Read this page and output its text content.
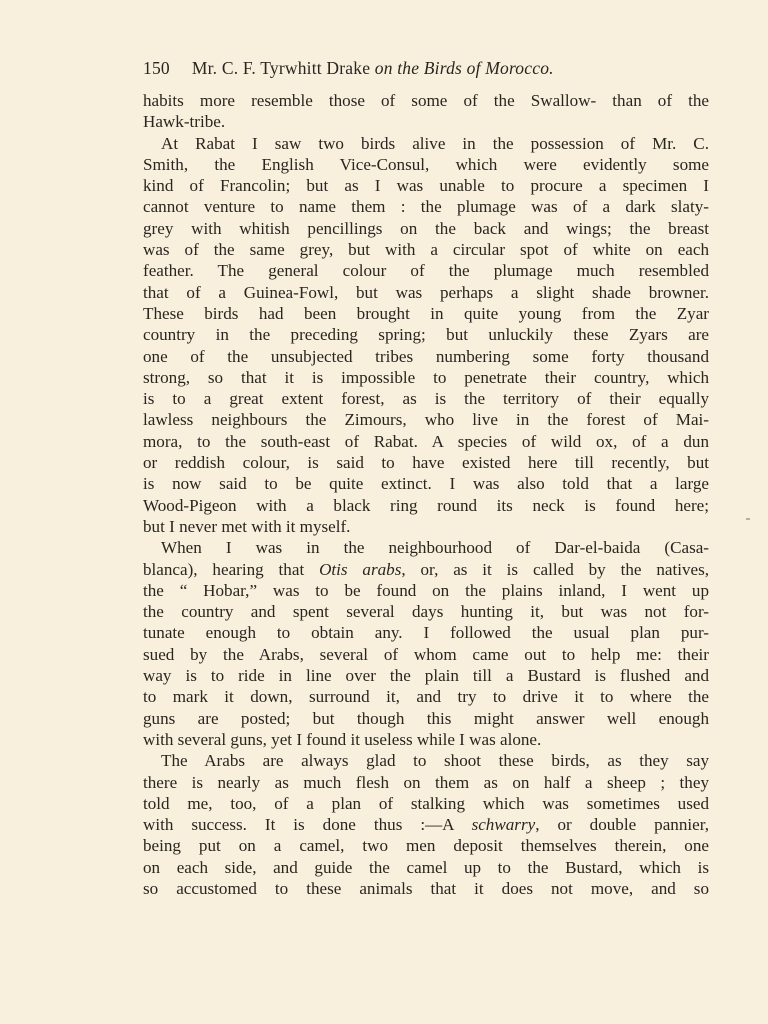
150 Mr. C. F. Tyrwhitt Drake on the Birds of Morocco.
habits more resemble those of some of the Swallow- than of the
Hawk-tribe.
At Rabat I saw two birds alive in the possession of Mr. C.
Smith, the English Vice-Consul, which were evidently some
kind of Francolin; but as I was unable to procure a specimen I
cannot venture to name them : the plumage was of a dark slaty-
grey with whitish pencillings on the back and wings; the breast
was of the same grey, but with a circular spot of white on each
feather. The general colour of the plumage much resembled
that of a Guinea-Fowl, but was perhaps a slight shade browner.
These birds had been brought in quite young from the Zyar
country in the preceding spring; but unluckily these Zyars are
one of the unsubjected tribes numbering some forty thousand
strong, so that it is impossible to penetrate their country, which
is to a great extent forest, as is the territory of their equally
lawless neighbours the Zimours, who live in the forest of Mai-
mora, to the south-east of Rabat. A species of wild ox, of a dun
or reddish colour, is said to have existed here till recently, but
is now said to be quite extinct. I was also told that a large
Wood-Pigeon with a black ring round its neck is found here;
but I never met with it myself.
When I was in the neighbourhood of Dar-el-baida (Casa-
blanca), hearing that Otis arabs, or, as it is called by the natives,
the “ Hobar,” was to be found on the plains inland, I went up
the country and spent several days hunting it, but was not for-
tunate enough to obtain any. I followed the usual plan pur-
sued by the Arabs, several of whom came out to help me: their
way is to ride in line over the plain till a Bustard is flushed and
to mark it down, surround it, and try to drive it to where the
guns are posted; but though this might answer well enough
with several guns, yet I found it useless while I was alone.
The Arabs are always glad to shoot these birds, as they say
there is nearly as much flesh on them as on half a sheep ; they
told me, too, of a plan of stalking which was sometimes used
with success. It is done thus :—A schwarry, or double pannier,
being put on a camel, two men deposit themselves therein, one
on each side, and guide the camel up to the Bustard, which is
so accustomed to these animals that it does not move, and so
